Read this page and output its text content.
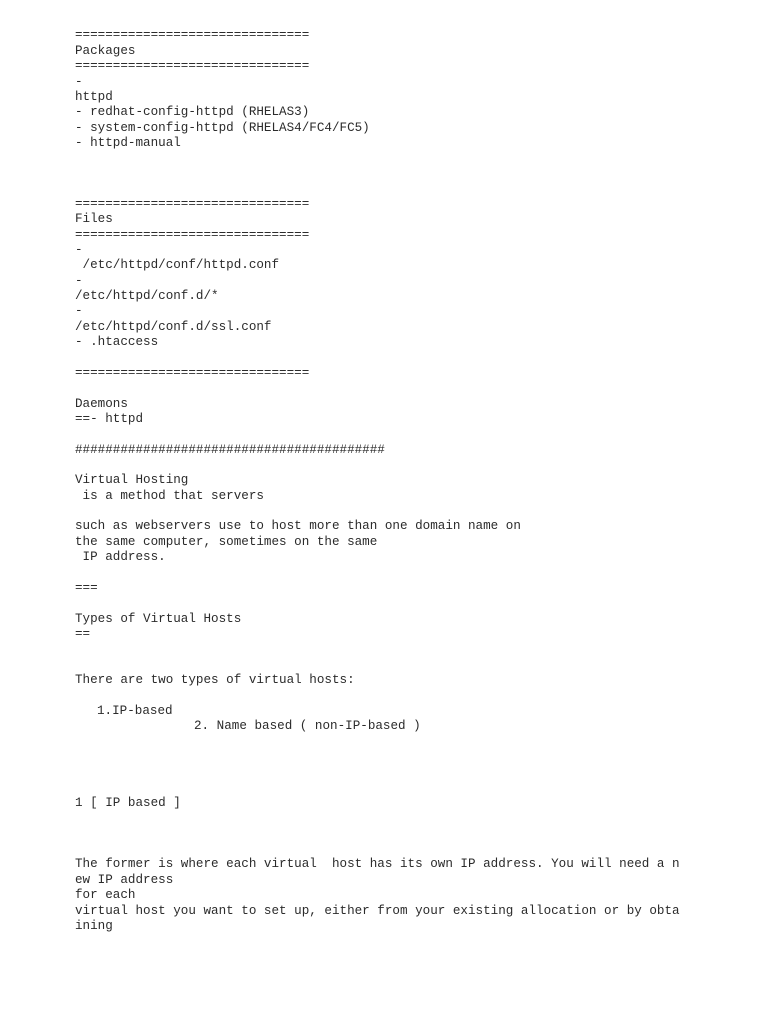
===============================

Packages

===============================

-

httpd

- redhat-config-httpd (RHELAS3)

- system-config-httpd (RHELAS4/FC4/FC5)

- httpd-manual

===============================

Files

===============================

-

/etc/httpd/conf/httpd.conf

-

/etc/httpd/conf.d/*

-

/etc/httpd/conf.d/ssl.conf

- .htaccess

===============================

Daemons

==- httpd

#########################################

Virtual Hosting

is a method that servers

such as webservers use to host more than one domain name on

the same computer, sometimes on the same

IP address.

===

Types of Virtual Hosts

==

There are two types of virtual hosts:

1.IP-based

2. Name based ( non-IP-based )

1 [ IP based ]

The former is where each virtual  host has its own IP address. You will need a n

ew IP address

for each

virtual host you want to set up, either from your existing allocation or by obta

ining
